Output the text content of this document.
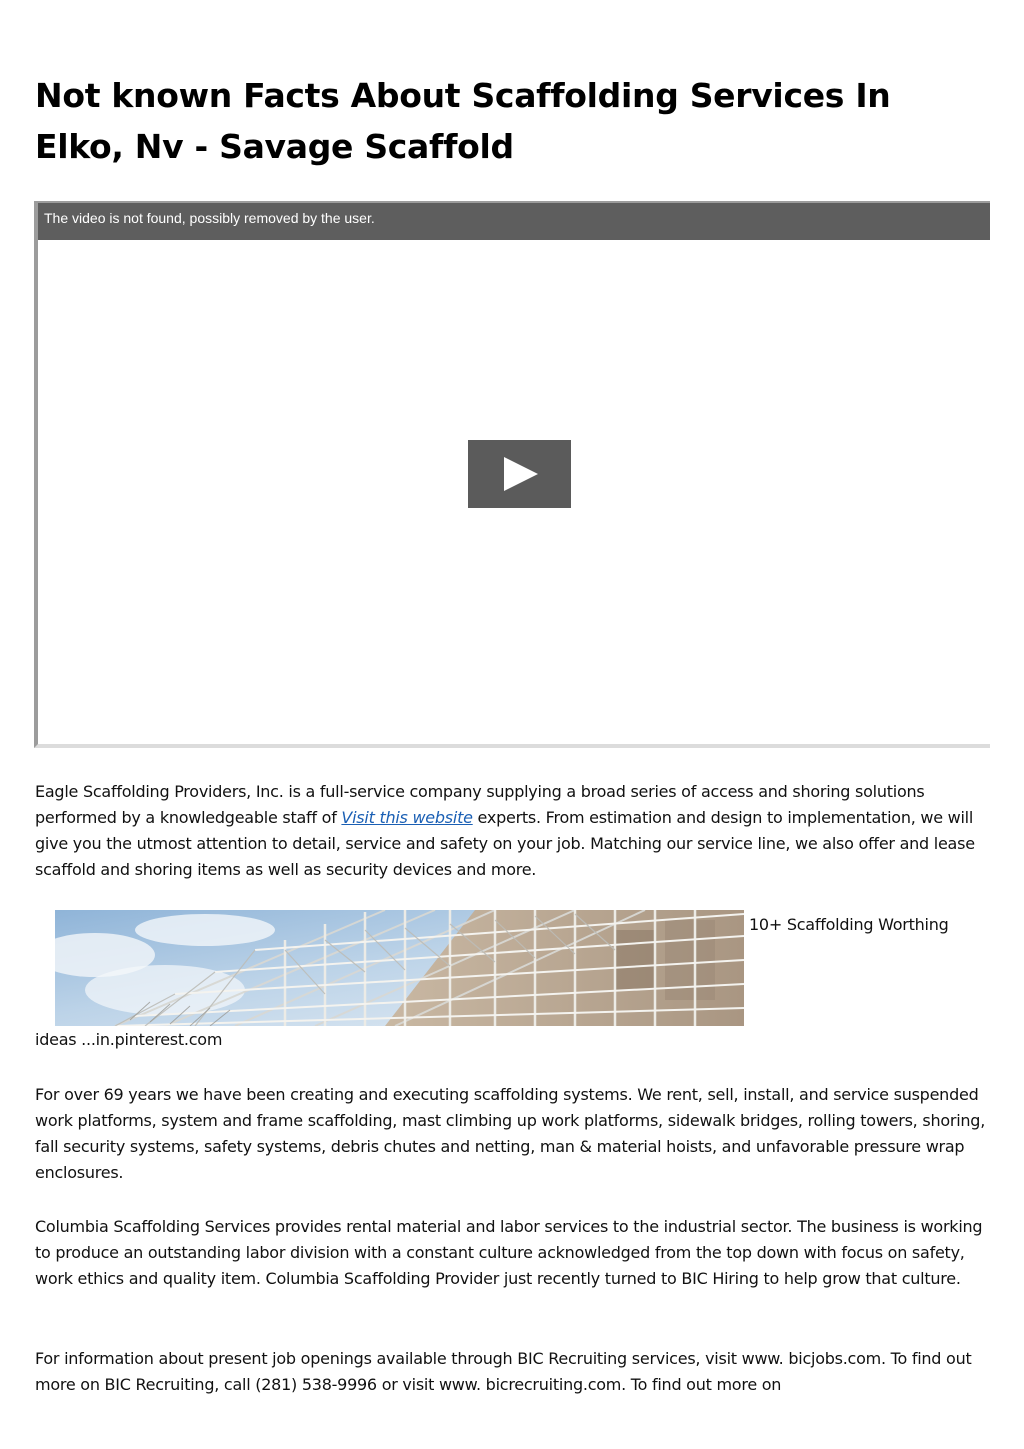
Not known Facts About Scaffolding Services In Elko, Nv - Savage Scaffold
The video is not found, possibly removed by the user.

Eagle Scaffolding Providers, Inc. is a full-service company supplying a broad series of access and shoring solutions performed by a knowledgeable staff of Visit this website experts. From estimation and design to implementation, we will give you the utmost attention to detail, service and safety on your job. Matching our service line, we also offer and lease scaffold and shoring items as well as security devices and more.

10+ Scaffolding Worthing
ideas ...in.pinterest.com

For over 69 years we have been creating and executing scaffolding systems. We rent, sell, install, and service suspended work platforms, system and frame scaffolding, mast climbing up work platforms, sidewalk bridges, rolling towers, shoring, fall security systems, safety systems, debris chutes and netting, man & material hoists, and unfavorable pressure wrap enclosures.

Columbia Scaffolding Services provides rental material and labor services to the industrial sector. The business is working to produce an outstanding labor division with a constant culture acknowledged from the top down with focus on safety, work ethics and quality item. Columbia Scaffolding Provider just recently turned to BIC Hiring to help grow that culture.

For information about present job openings available through BIC Recruiting services, visit www. bicjobs.com. To find out more on BIC Recruiting, call (281) 538-9996 or visit www. bicrecruiting.com. To find out more on
